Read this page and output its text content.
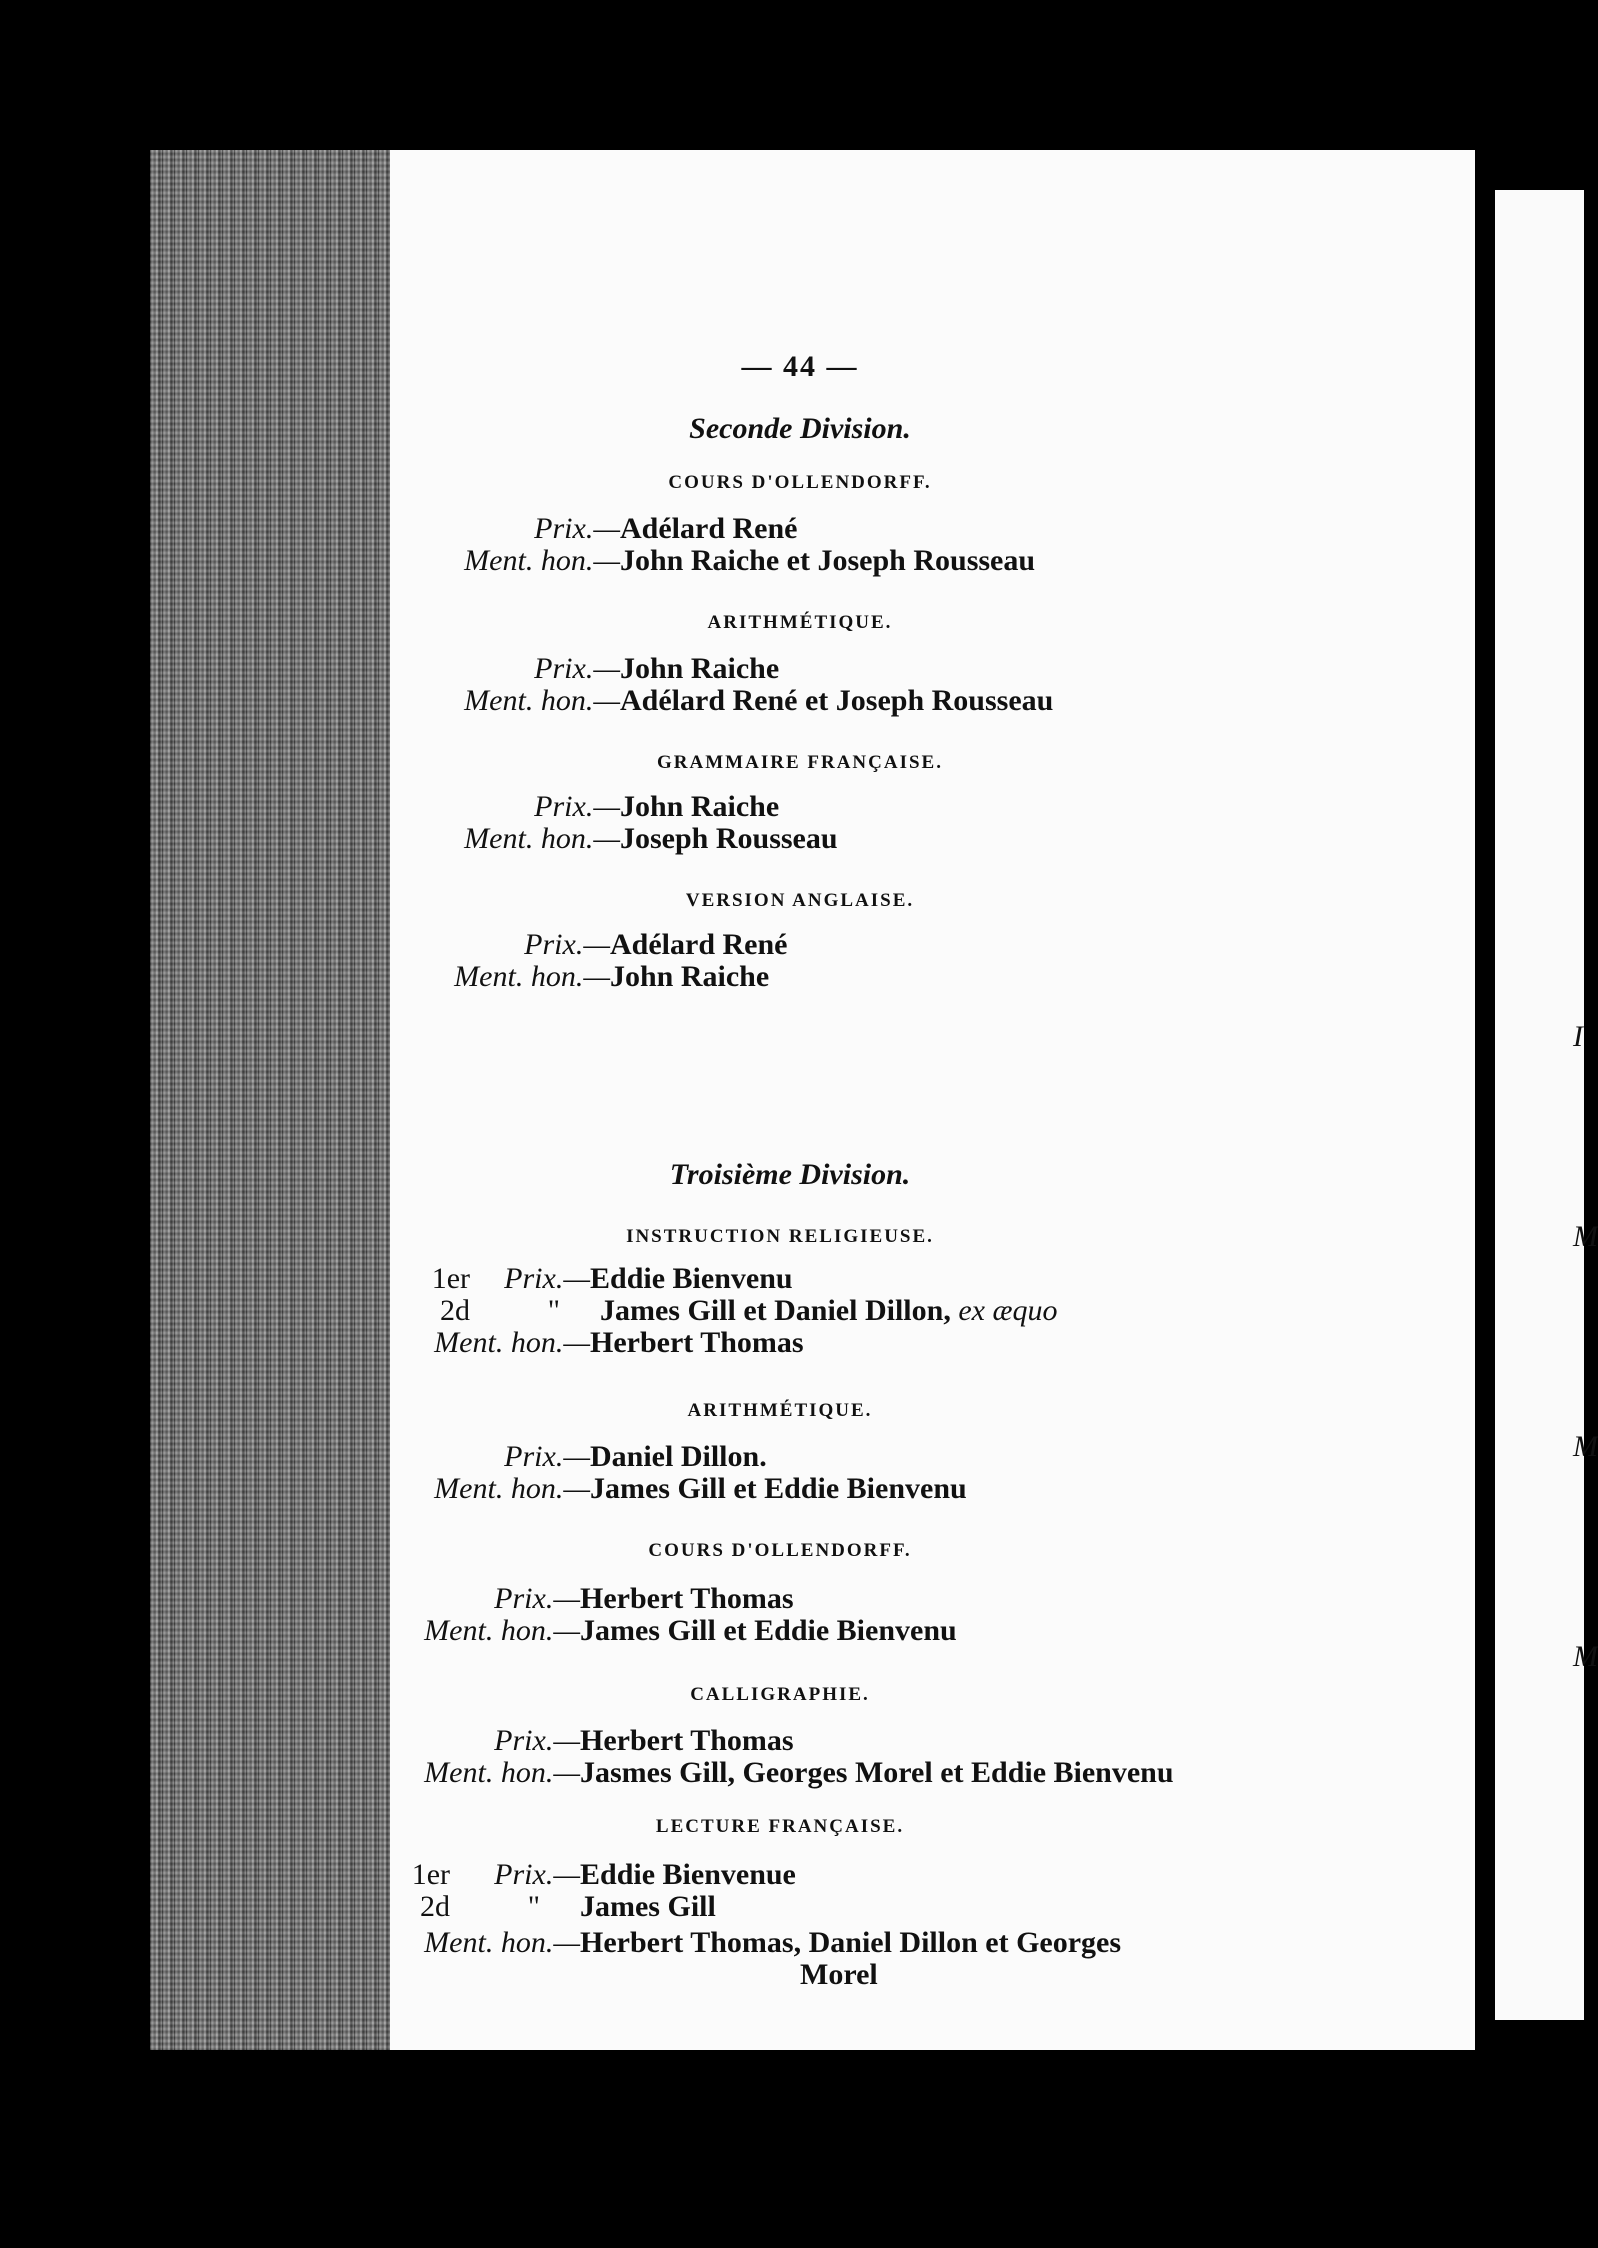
I
M
M
M
— 44 —
Seconde Division.
COURS D'OLLENDORFF.
Prix.—Adélard René
Ment. hon.—John Raiche et Joseph Rousseau
ARITHMÉTIQUE.
Prix.—John Raiche
Ment. hon.—Adélard René et Joseph Rousseau
GRAMMAIRE FRANÇAISE.
Prix.—John Raiche
Ment. hon.—Joseph Rousseau
VERSION ANGLAISE.
Prix.—Adélard René
Ment. hon.—John Raiche
Troisième Division.
INSTRUCTION RELIGIEUSE.
1er Prix.—Eddie Bienvenu
2d	" James Gill et Daniel Dillon, ex æquo
Ment. hon.—Herbert Thomas
ARITHMÉTIQUE.
Prix.—Daniel Dillon.
Ment. hon.—James Gill et Eddie Bienvenu
COURS D'OLLENDORFF.
Prix.—Herbert Thomas
Ment. hon.—James Gill et Eddie Bienvenu
CALLIGRAPHIE.
Prix.—Herbert Thomas
Ment. hon.—Jasmes Gill, Georges Morel et Eddie Bienvenu
LECTURE FRANÇAISE.
1er Prix.—Eddie Bienvenue
2d	" James Gill
Ment. hon.—Herbert Thomas, Daniel Dillon et Georges
Morel
